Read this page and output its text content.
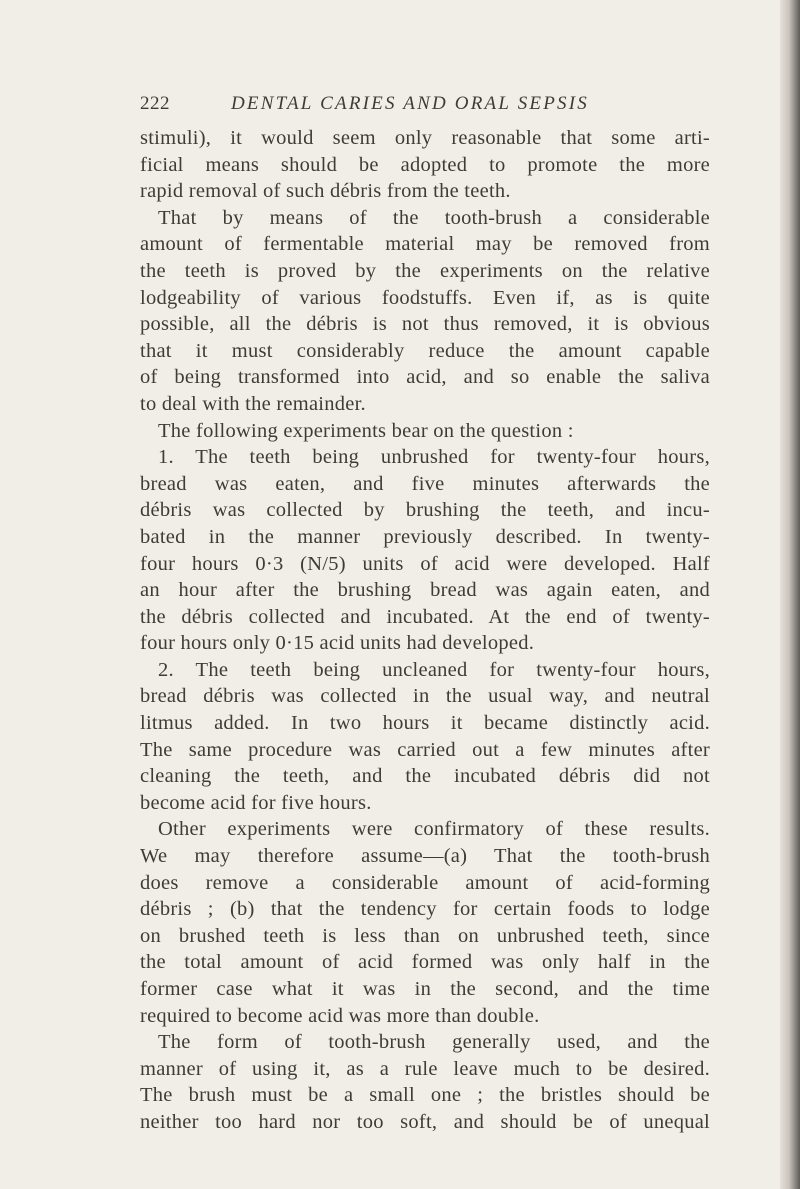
222	DENTAL CARIES AND ORAL SEPSIS
stimuli), it would seem only reasonable that some arti-
ficial means should be adopted to promote the more
rapid removal of such débris from the teeth.
That by means of the tooth-brush a considerable
amount of fermentable material may be removed from
the teeth is proved by the experiments on the relative
lodgeability of various foodstuffs. Even if, as is quite
possible, all the débris is not thus removed, it is obvious
that it must considerably reduce the amount capable
of being transformed into acid, and so enable the saliva
to deal with the remainder.
The following experiments bear on the question :
1. The teeth being unbrushed for twenty-four hours,
bread was eaten, and five minutes afterwards the
débris was collected by brushing the teeth, and incu-
bated in the manner previously described. In twenty-
four hours 0·3 (N/5) units of acid were developed. Half
an hour after the brushing bread was again eaten, and
the débris collected and incubated. At the end of twenty-
four hours only 0·15 acid units had developed.
2. The teeth being uncleaned for twenty-four hours,
bread débris was collected in the usual way, and neutral
litmus added. In two hours it became distinctly acid.
The same procedure was carried out a few minutes after
cleaning the teeth, and the incubated débris did not
become acid for five hours.
Other experiments were confirmatory of these results.
We may therefore assume—(a) That the tooth-brush
does remove a considerable amount of acid-forming
débris ; (b) that the tendency for certain foods to lodge
on brushed teeth is less than on unbrushed teeth, since
the total amount of acid formed was only half in the
former case what it was in the second, and the time
required to become acid was more than double.
The form of tooth-brush generally used, and the
manner of using it, as a rule leave much to be desired.
The brush must be a small one ; the bristles should be
neither too hard nor too soft, and should be of unequal
